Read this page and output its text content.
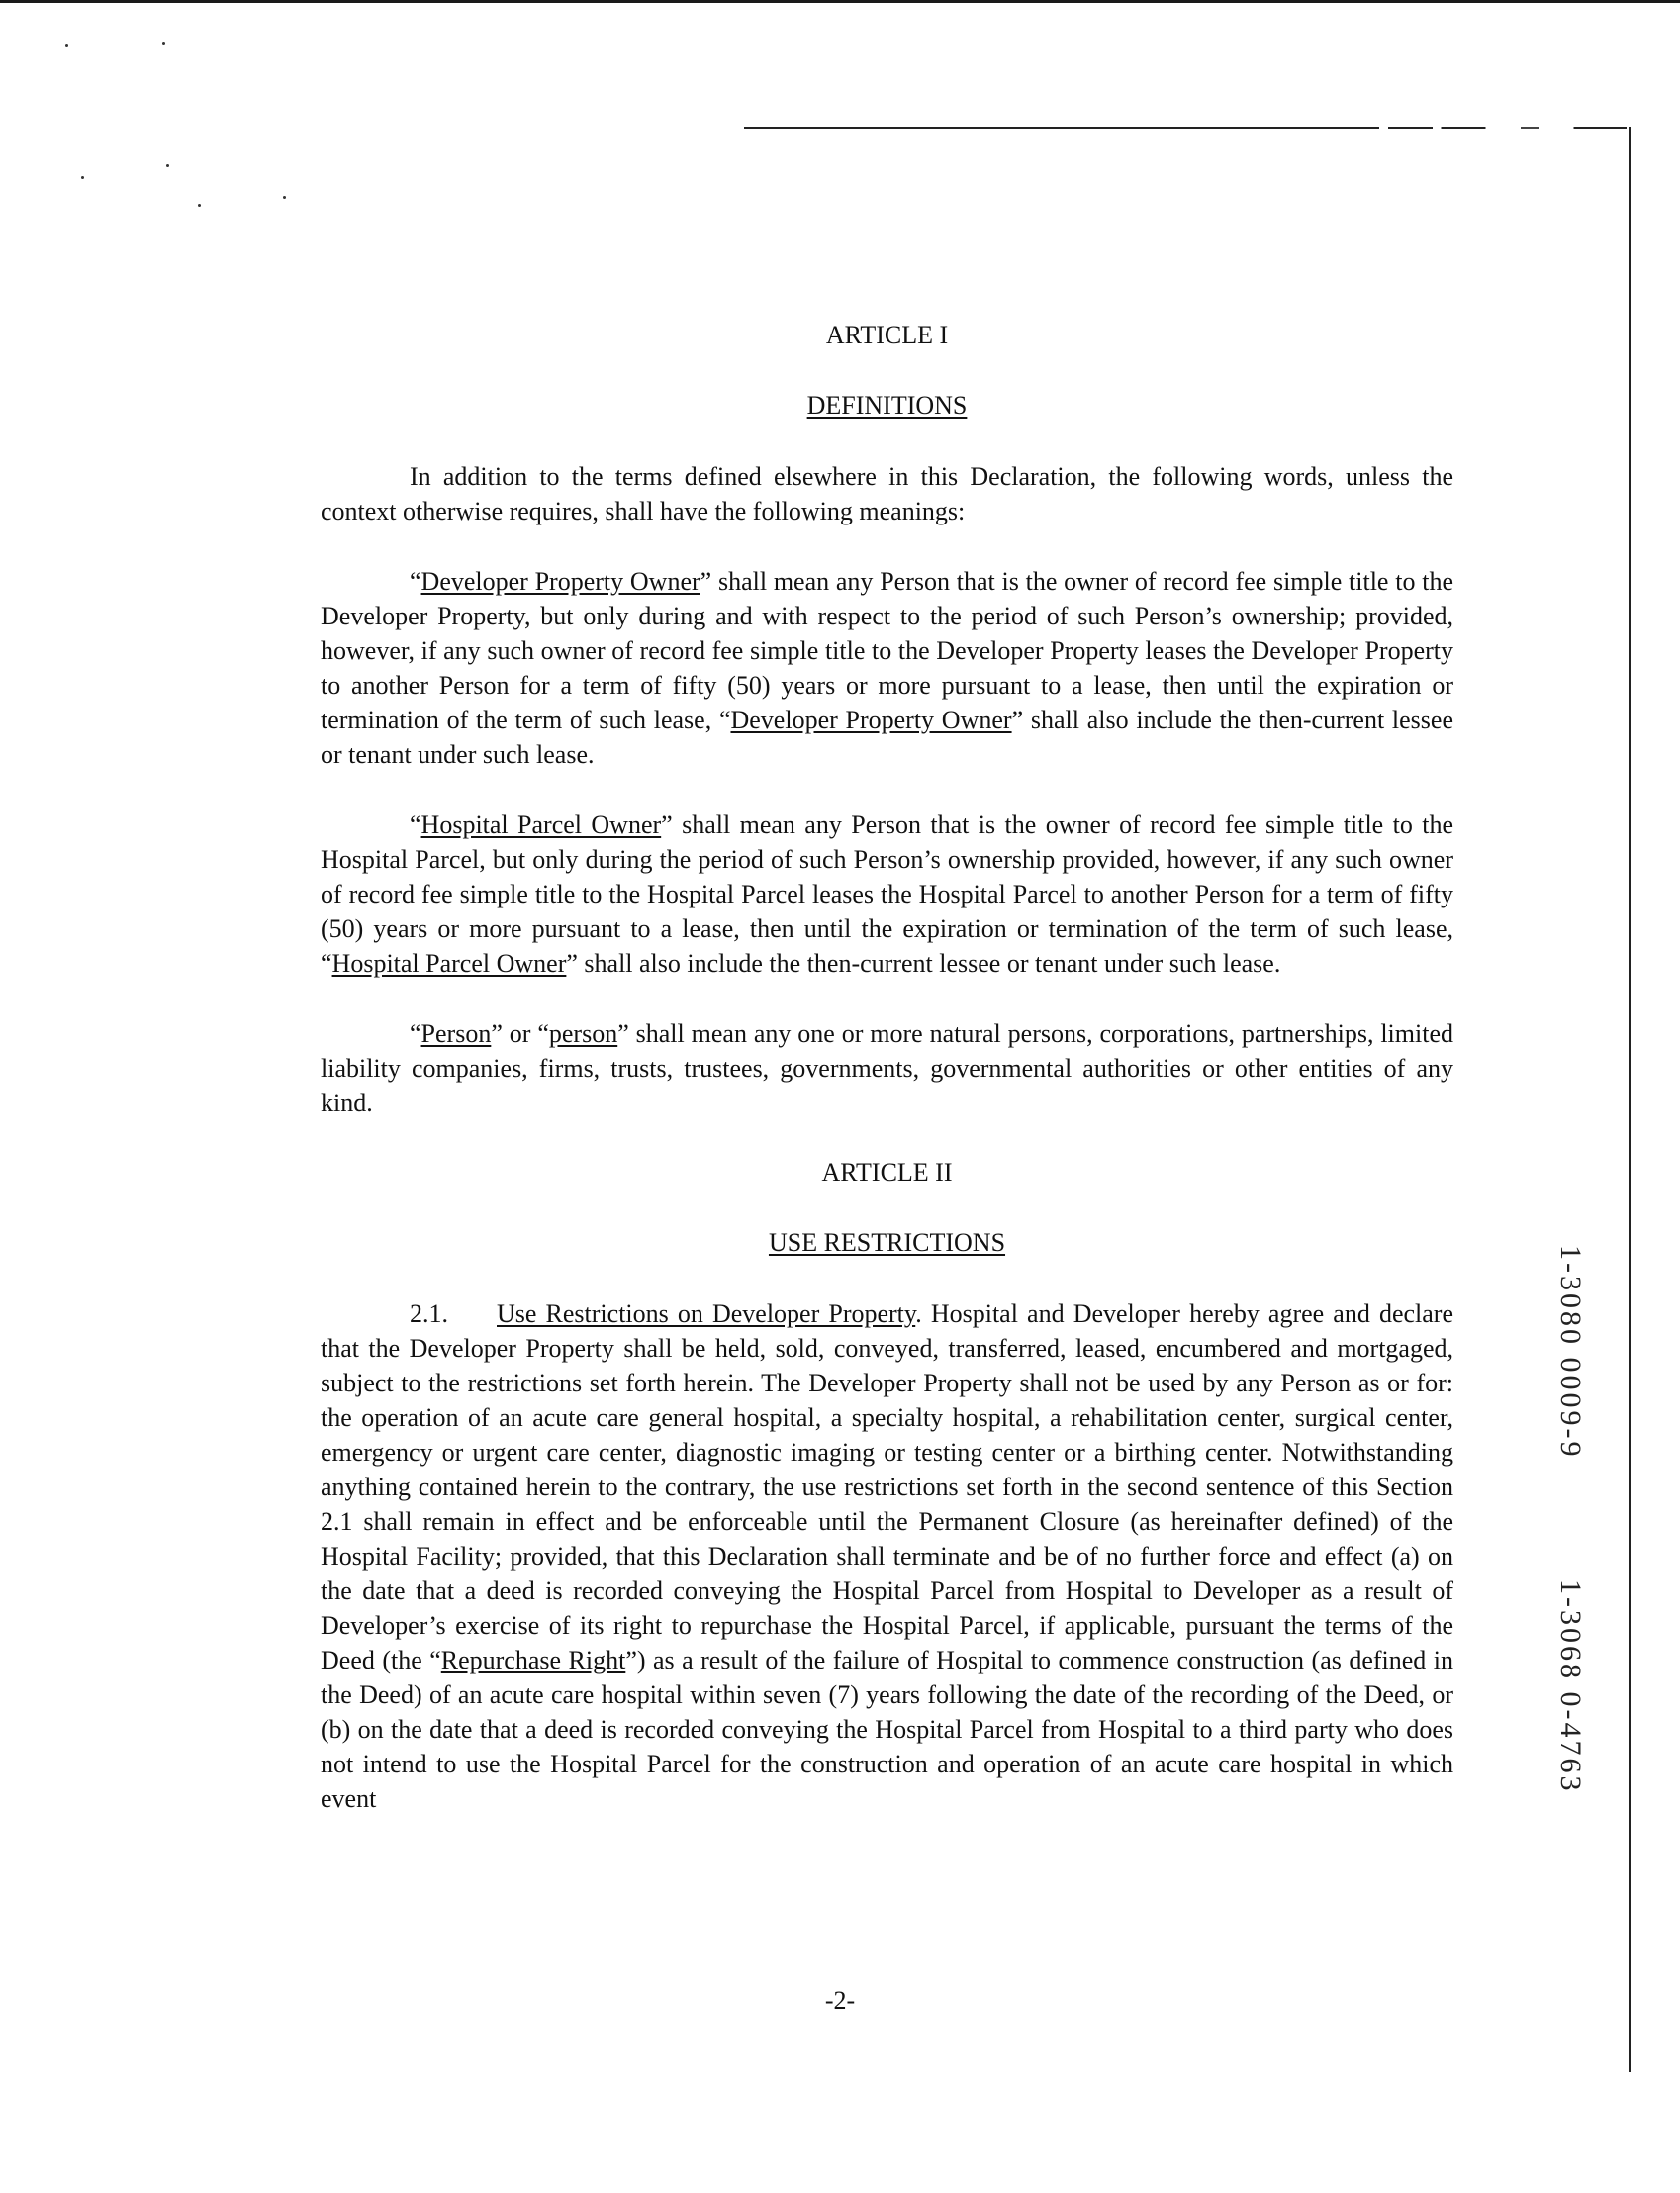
1-3080 0009-9
1-3068 0-4763

ARTICLE I

DEFINITIONS

In addition to the terms defined elsewhere in this Declaration, the following words, unless the context otherwise requires, shall have the following meanings:

“Developer Property Owner” shall mean any Person that is the owner of record fee simple title to the Developer Property, but only during and with respect to the period of such Person’s ownership; provided, however, if any such owner of record fee simple title to the Developer Property leases the Developer Property to another Person for a term of fifty (50) years or more pursuant to a lease, then until the expiration or termination of the term of such lease, “Developer Property Owner” shall also include the then-current lessee or tenant under such lease.

“Hospital Parcel Owner” shall mean any Person that is the owner of record fee simple title to the Hospital Parcel, but only during the period of such Person’s ownership provided, however, if any such owner of record fee simple title to the Hospital Parcel leases the Hospital Parcel to another Person for a term of fifty (50) years or more pursuant to a lease, then until the expiration or termination of the term of such lease, “Hospital Parcel Owner” shall also include the then-current lessee or tenant under such lease.

“Person” or “person” shall mean any one or more natural persons, corporations, partnerships, limited liability companies, firms, trusts, trustees, governments, governmental authorities or other entities of any kind.

ARTICLE II

USE RESTRICTIONS

2.1. Use Restrictions on Developer Property. Hospital and Developer hereby agree and declare that the Developer Property shall be held, sold, conveyed, transferred, leased, encumbered and mortgaged, subject to the restrictions set forth herein. The Developer Property shall not be used by any Person as or for: the operation of an acute care general hospital, a specialty hospital, a rehabilitation center, surgical center, emergency or urgent care center, diagnostic imaging or testing center or a birthing center. Notwithstanding anything contained herein to the contrary, the use restrictions set forth in the second sentence of this Section 2.1 shall remain in effect and be enforceable until the Permanent Closure (as hereinafter defined) of the Hospital Facility; provided, that this Declaration shall terminate and be of no further force and effect (a) on the date that a deed is recorded conveying the Hospital Parcel from Hospital to Developer as a result of Developer’s exercise of its right to repurchase the Hospital Parcel, if applicable, pursuant the terms of the Deed (the “Repurchase Right”) as a result of the failure of Hospital to commence construction (as defined in the Deed) of an acute care hospital within seven (7) years following the date of the recording of the Deed, or (b) on the date that a deed is recorded conveying the Hospital Parcel from Hospital to a third party who does not intend to use the Hospital Parcel for the construction and operation of an acute care hospital in which event

-2-
